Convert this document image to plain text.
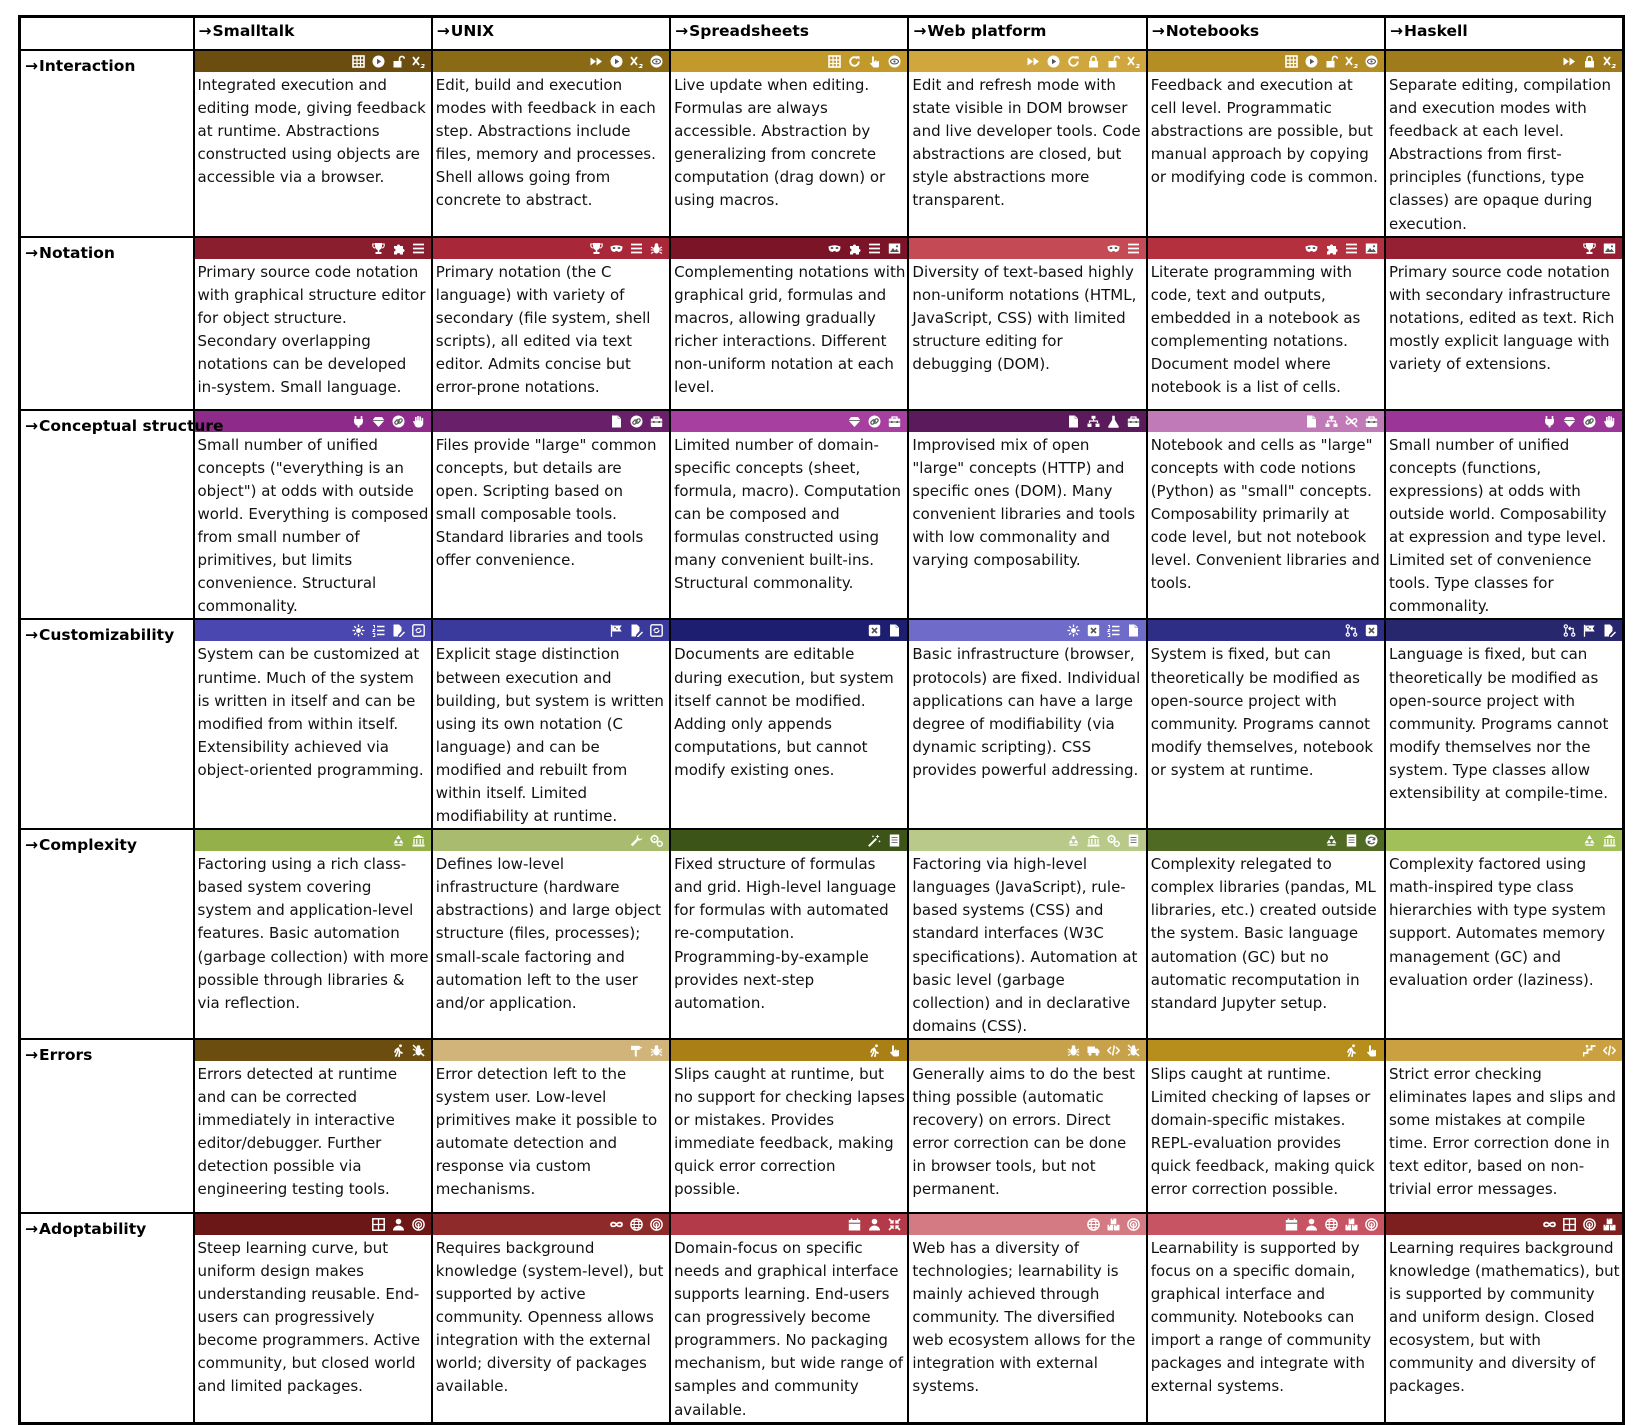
	→Smalltalk	→UNIX	→Spreadsheets	→Web platform	→Notebooks	→Haskell
→Interaction	Integrated execution and editing mode, giving feedback at runtime. Abstractions constructed using objects are accessible via a browser.	Edit, build and execution modes with feedback in each step. Abstractions include files, memory and processes. Shell allows going from concrete to abstract.	Live update when editing. Formulas are always accessible. Abstraction by generalizing from concrete computation (drag down) or using macros.	Edit and refresh mode with state visible in DOM browser and live developer tools. Code abstractions are closed, but style abstractions more transparent.	Feedback and execution at cell level. Programmatic abstractions are possible, but manual approach by copying or modifying code is common.	Separate editing, compilation and execution modes with feedback at each level. Abstractions from first-principles (functions, type classes) are opaque during execution.

→Notation	Primary source code notation with graphical structure editor for object structure. Secondary overlapping notations can be developed in-system. Small language.	Primary notation (the C language) with variety of secondary (file system, shell scripts), all edited via text editor. Admits concise but error-prone notations.	Complementing notations with graphical grid, formulas and macros, allowing gradually richer interactions. Different non-uniform notation at each level.	Diversity of text-based highly non-uniform notations (HTML, JavaScript, CSS) with limited structure editing for debugging (DOM).	Literate programming with code, text and outputs, embedded in a notebook as complementing notations. Document model where notebook is a list of cells.	Primary source code notation with secondary infrastructure notations, edited as text. Rich mostly explicit language with variety of extensions.

→Conceptual structure	Small number of unified concepts ("everything is an object") at odds with outside world. Everything is composed from small number of primitives, but limits convenience. Structural commonality.	Files provide "large" common concepts, but details are open. Scripting based on small composable tools. Standard libraries and tools offer convenience.	Limited number of domain-specific concepts (sheet, formula, macro). Computation can be composed and formulas constructed using many convenient built-ins. Structural commonality.	Improvised mix of open "large" concepts (HTTP) and specific ones (DOM). Many convenient libraries and tools with low commonality and varying composability.	Notebook and cells as "large" concepts with code notions (Python) as "small" concepts. Composability primarily at code level, but not notebook level. Convenient libraries and tools.	Small number of unified concepts (functions, expressions) at odds with outside world. Composability at expression and type level. Limited set of convenience tools. Type classes for commonality.

→Customizability	System can be customized at runtime. Much of the system is written in itself and can be modified from within itself. Extensibility achieved via object-oriented programming.	Explicit stage distinction between execution and building, but system is written using its own notation (C language) and can be modified and rebuilt from within itself. Limited modifiability at runtime.	Documents are editable during execution, but system itself cannot be modified. Adding only appends computations, but cannot modify existing ones.	Basic infrastructure (browser, protocols) are fixed. Individual applications can have a large degree of modifiability (via dynamic scripting). CSS provides powerful addressing.	System is fixed, but can theoretically be modified as open-source project with community. Programs cannot modify themselves, notebook or system at runtime.	Language is fixed, but can theoretically be modified as open-source project with community. Programs cannot modify themselves nor the system. Type classes allow extensibility at compile-time.

→Complexity	Factoring using a rich class-based system covering system and application-level features. Basic automation (garbage collection) with more possible through libraries & via reflection.	Defines low-level infrastructure (hardware abstractions) and large object structure (files, processes); small-scale factoring and automation left to the user and/or application.	Fixed structure of formulas and grid. High-level language for formulas with automated re-computation. Programming-by-example provides next-step automation.	Factoring via high-level languages (JavaScript), rule-based systems (CSS) and standard interfaces (W3C specifications). Automation at basic level (garbage collection) and in declarative domains (CSS).	Complexity relegated to complex libraries (pandas, ML libraries, etc.) created outside the system. Basic language automation (GC) but no automatic recomputation in standard Jupyter setup.	Complexity factored using math-inspired type class hierarchies with type system support. Automates memory management (GC) and evaluation order (laziness).

→Errors	Errors detected at runtime and can be corrected immediately in interactive editor/debugger. Further detection possible via engineering testing tools.	Error detection left to the system user. Low-level primitives make it possible to automate detection and response via custom mechanisms.	Slips caught at runtime, but no support for checking lapses or mistakes. Provides immediate feedback, making quick error correction possible.	Generally aims to do the best thing possible (automatic recovery) on errors. Direct error correction can be done in browser tools, but not permanent.	Slips caught at runtime. Limited checking of lapses or domain-specific mistakes. REPL-evaluation provides quick feedback, making quick error correction possible.	Strict error checking eliminates lapes and slips and some mistakes at compile time. Error correction done in text editor, based on non-trivial error messages.

→Adoptability	Steep learning curve, but uniform design makes understanding reusable. End-users can progressively become programmers. Active community, but closed world and limited packages.	Requires background knowledge (system-level), but supported by active community. Openness allows integration with the external world; diversity of packages available.	Domain-focus on specific needs and graphical interface supports learning. End-users can progressively become programmers. No packaging mechanism, but wide range of samples and community available.	Web has a diversity of technologies; learnability is mainly achieved through community. The diversified web ecosystem allows for the integration with external systems.	Learnability is supported by focus on a specific domain, graphical interface and community. Notebooks can import a range of community packages and integrate with external systems.	Learning requires background knowledge (mathematics), but is supported by community and uniform design. Closed ecosystem, but with community and diversity of packages.
